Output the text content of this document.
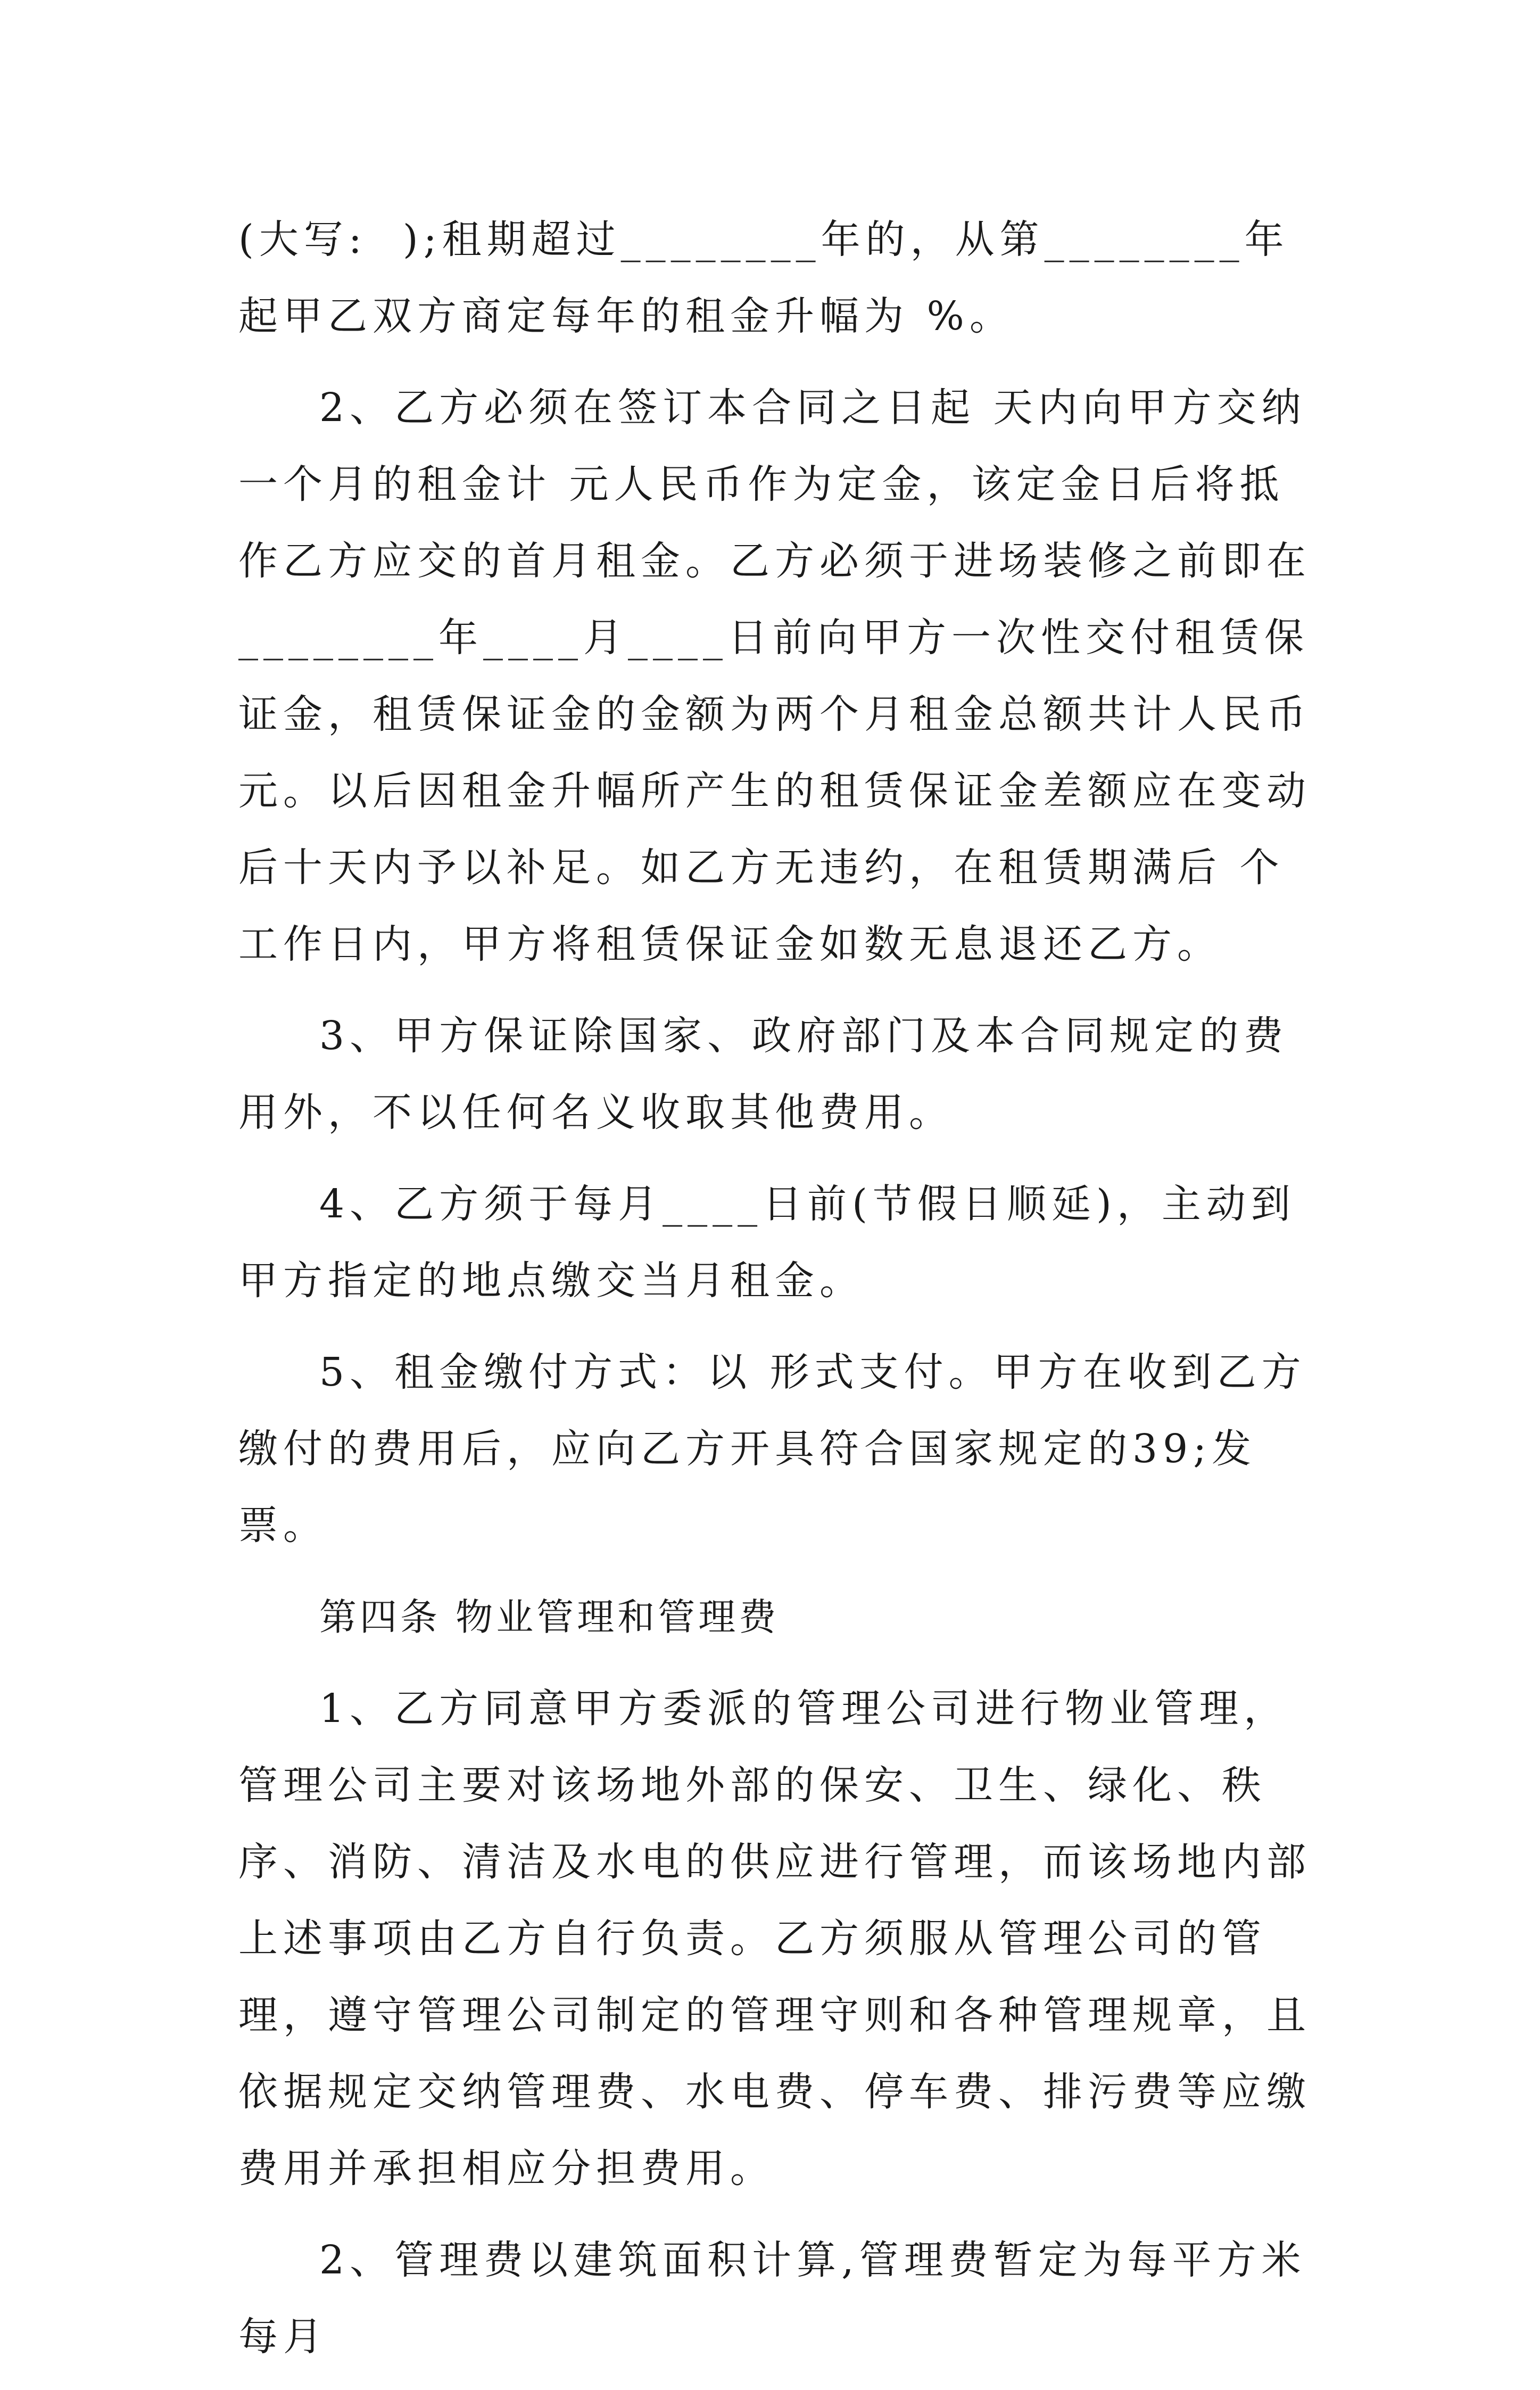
(大写:  );租期超过________年的，从第________年起甲乙双方商定每年的租金升幅为 %。

2、乙方必须在签订本合同之日起 天内向甲方交纳一个月的租金计 元人民币作为定金，该定金日后将抵作乙方应交的首月租金。乙方必须于进场装修之前即在________年____月____日前向甲方一次性交付租赁保证金，租赁保证金的金额为两个月租金总额共计人民币 元。以后因租金升幅所产生的租赁保证金差额应在变动后十天内予以补足。如乙方无违约，在租赁期满后 个工作日内，甲方将租赁保证金如数无息退还乙方。

3、甲方保证除国家、政府部门及本合同规定的费用外，不以任何名义收取其他费用。

4、乙方须于每月____日前(节假日顺延)，主动到甲方指定的地点缴交当月租金。

5、租金缴付方式：以 形式支付。甲方在收到乙方缴付的费用后，应向乙方开具符合国家规定的39;发票。

第四条 物业管理和管理费

1、乙方同意甲方委派的管理公司进行物业管理，管理公司主要对该场地外部的保安、卫生、绿化、秩序、消防、清洁及水电的供应进行管理，而该场地内部上述事项由乙方自行负责。乙方须服从管理公司的管理，遵守管理公司制定的管理守则和各种管理规章，且依据规定交纳管理费、水电费、停车费、排污费等应缴费用并承担相应分担费用。

2、管理费以建筑面积计算,管理费暂定为每平方米每月
